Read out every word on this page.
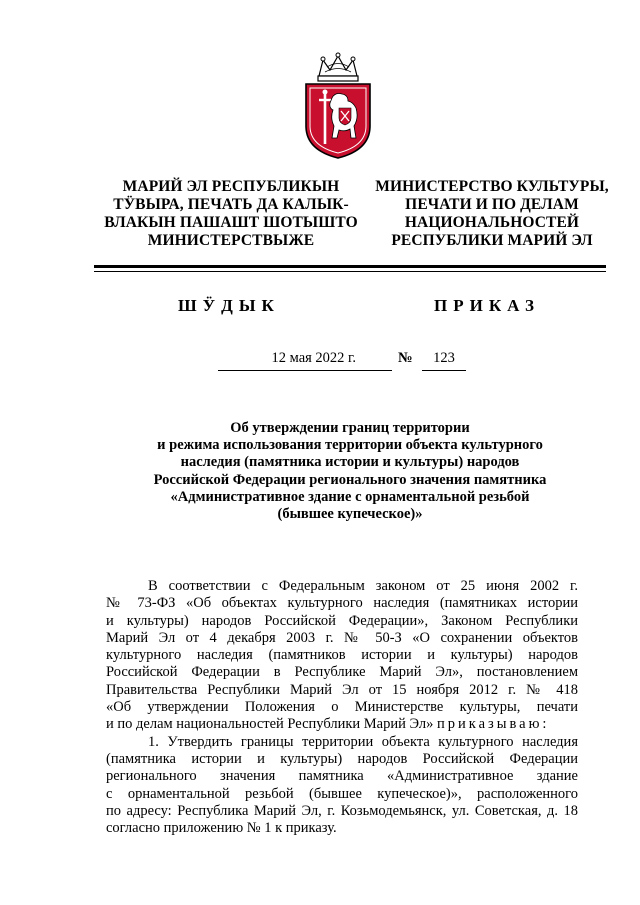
МАРИЙ ЭЛ РЕСПУБЛИКЫН
ТӰВЫРА, ПЕЧАТЬ ДА КАЛЫК-
ВЛАКЫН ПАШАШТ ШОТЫШТО
МИНИСТЕРСТВЫЖЕ
МИНИСТЕРСТВО КУЛЬТУРЫ,
ПЕЧАТИ И ПО ДЕЛАМ
НАЦИОНАЛЬНОСТЕЙ
РЕСПУБЛИКИ МАРИЙ ЭЛ
ШӰДЫК	ПРИКАЗ
12 мая 2022 г.	№	123
Об утверждении границ территории
и режима использования территории объекта культурного
наследия (памятника истории и культуры) народов
Российской Федерации регионального значения памятника
«Административное здание с орнаментальной резьбой
(бывшее купеческое)»
В соответствии с Федеральным законом от 25 июня 2002 г.
№ 73-ФЗ «Об объектах культурного наследия (памятниках истории
и культуры) народов Российской Федерации», Законом Республики
Марий Эл от 4 декабря 2003 г. № 50-З «О сохранении объектов
культурного наследия (памятников истории и культуры) народов
Российской Федерации в Республике Марий Эл», постановлением
Правительства Республики Марий Эл от 15 ноября 2012 г. № 418
«Об утверждении Положения о Министерстве культуры, печати
и по делам национальностей Республики Марий Эл» приказываю:
1. Утвердить границы территории объекта культурного наследия
(памятника истории и культуры) народов Российской Федерации
регионального значения памятника «Административное здание
с орнаментальной резьбой (бывшее купеческое)», расположенного
по адресу: Республика Марий Эл, г. Козьмодемьянск, ул. Советская, д. 18
согласно приложению № 1 к приказу.
